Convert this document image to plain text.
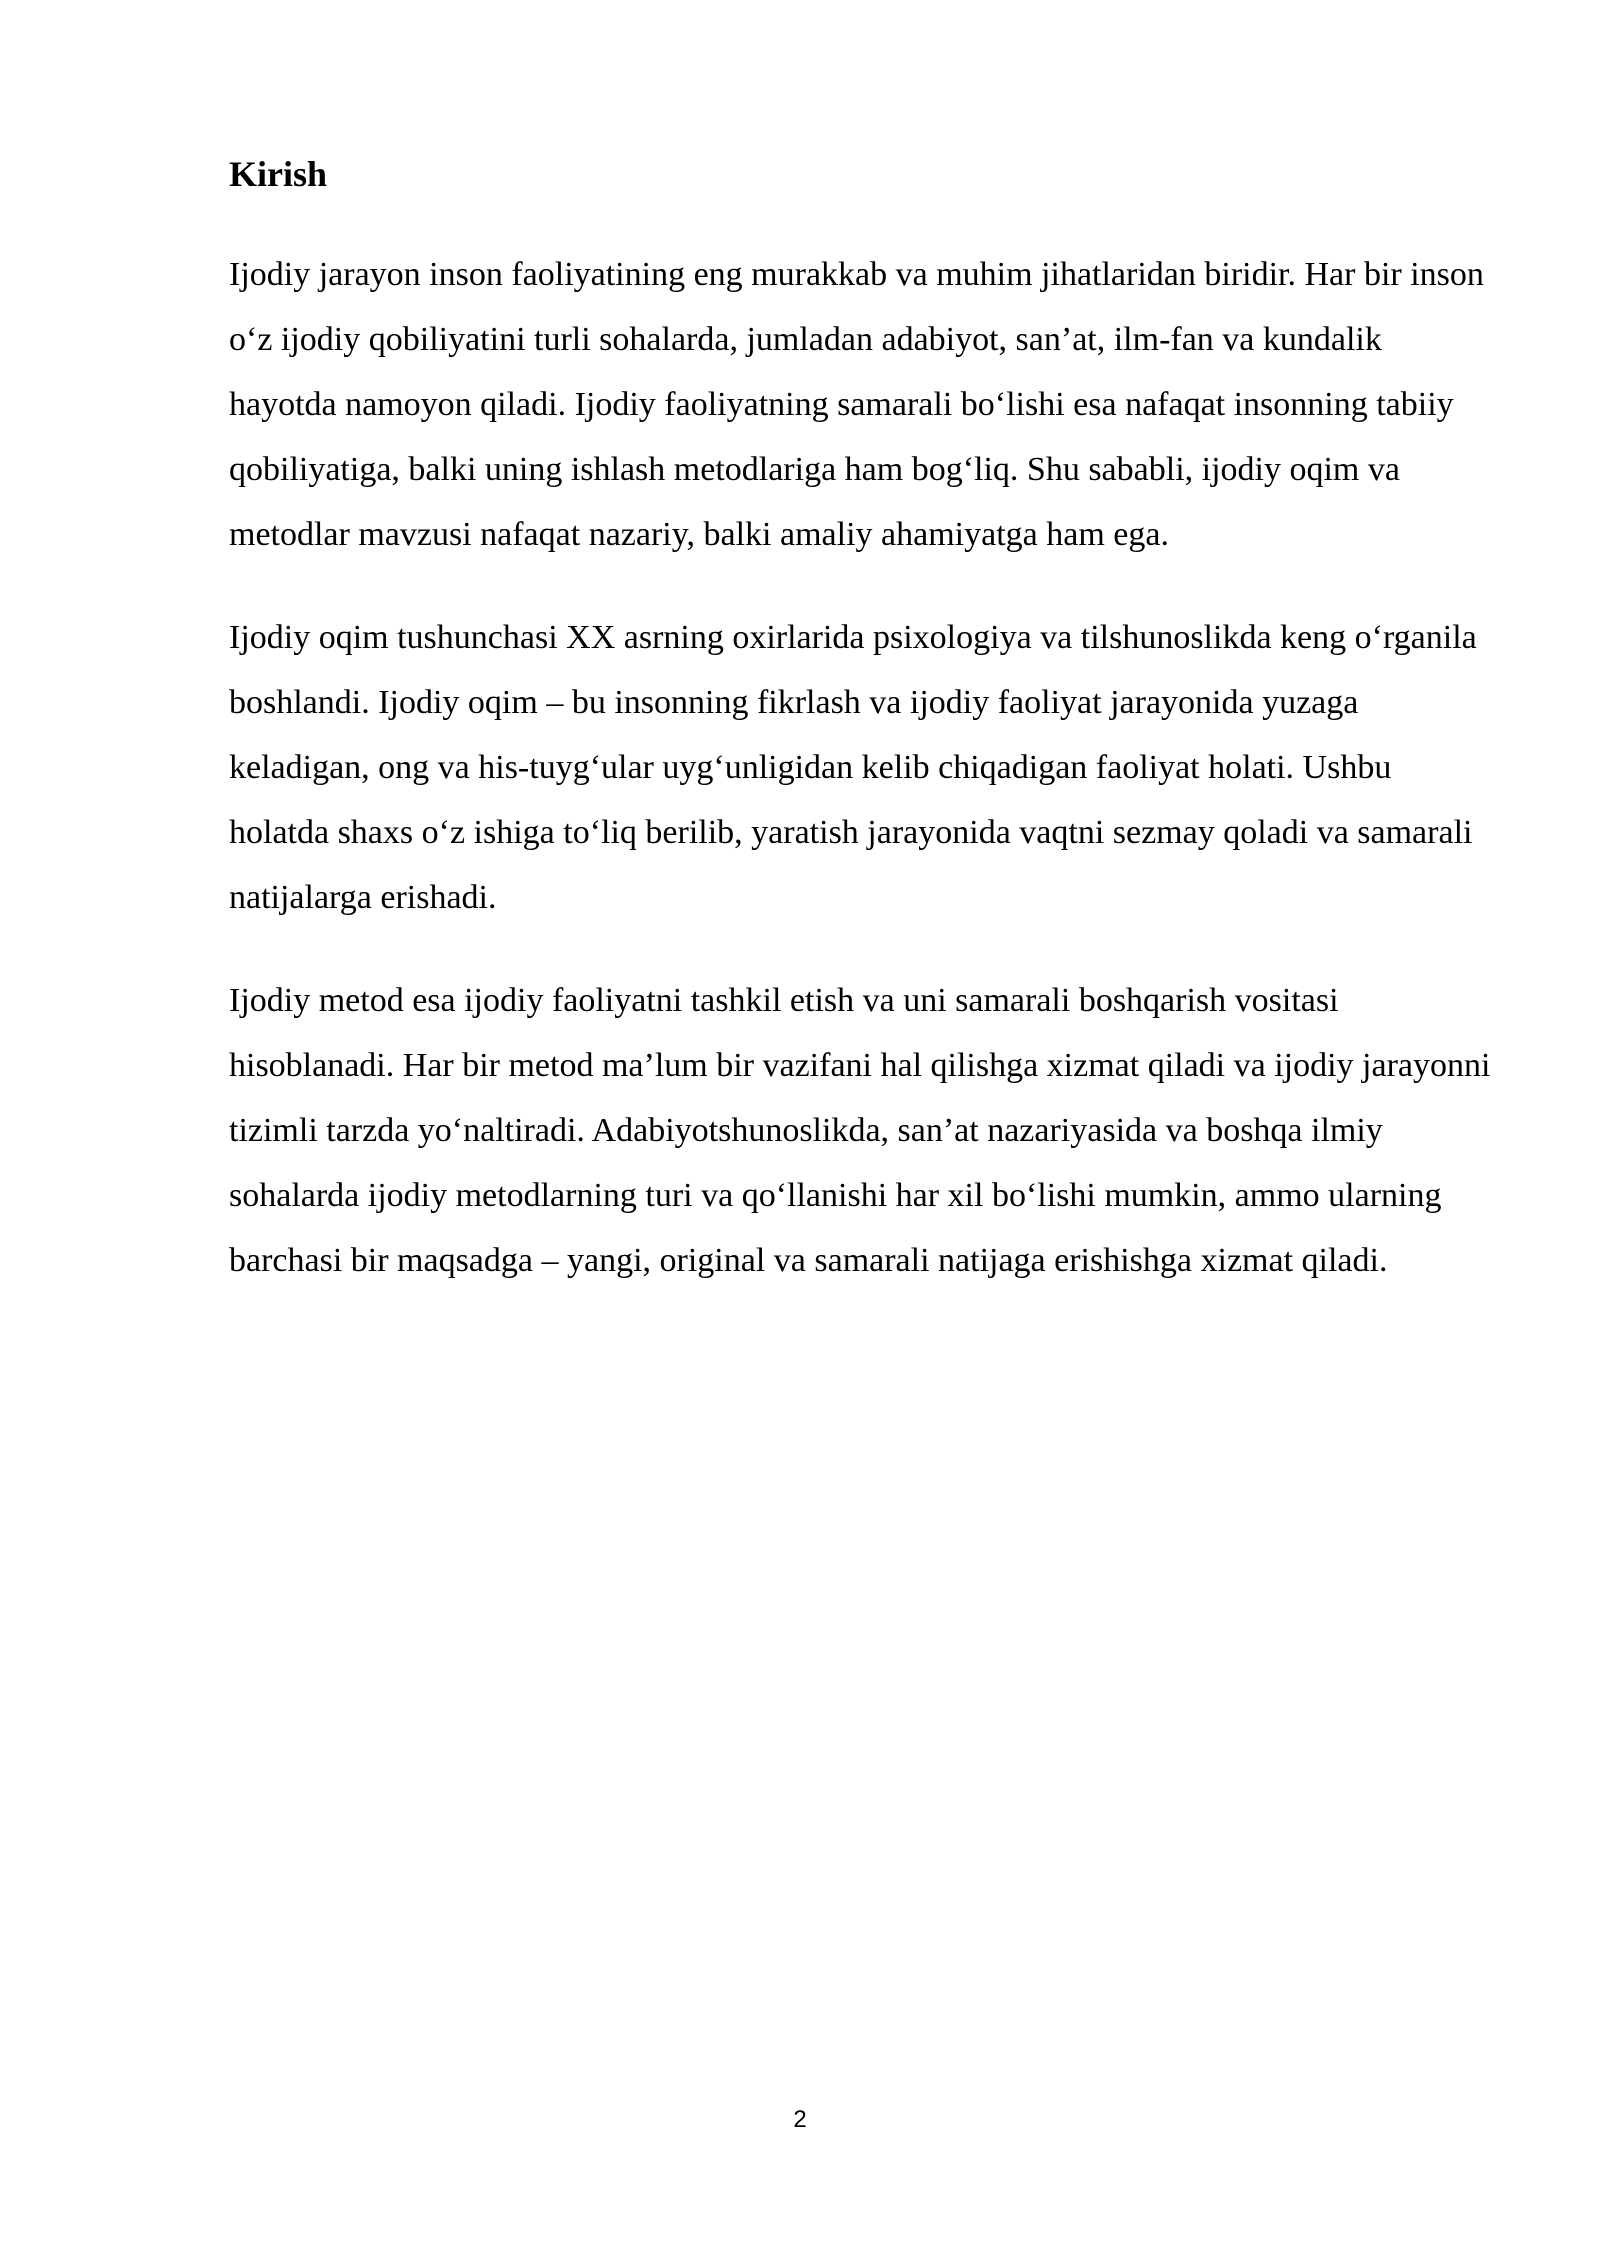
Kirish

Ijodiy jarayon inson faoliyatining eng murakkab va muhim jihatlaridan biridir. Har bir inson o‘z ijodiy qobiliyatini turli sohalarda, jumladan adabiyot, san’at, ilm-fan va kundalik hayotda namoyon qiladi. Ijodiy faoliyatning samarali bo‘lishi esa nafaqat insonning tabiiy qobiliyatiga, balki uning ishlash metodlariga ham bog‘liq. Shu sababli, ijodiy oqim va metodlar mavzusi nafaqat nazariy, balki amaliy ahamiyatga ham ega.

Ijodiy oqim tushunchasi XX asrning oxirlarida psixologiya va tilshunoslikda keng o‘rganila boshlandi. Ijodiy oqim – bu insonning fikrlash va ijodiy faoliyat jarayonida yuzaga keladigan, ong va his-tuyg‘ular uyg‘unligidan kelib chiqadigan faoliyat holati. Ushbu holatda shaxs o‘z ishiga to‘liq berilib, yaratish jarayonida vaqtni sezmay qoladi va samarali natijalarga erishadi.

Ijodiy metod esa ijodiy faoliyatni tashkil etish va uni samarali boshqarish vositasi hisoblanadi. Har bir metod ma’lum bir vazifani hal qilishga xizmat qiladi va ijodiy jarayonni tizimli tarzda yo‘naltiradi. Adabiyotshunoslikda, san’at nazariyasida va boshqa ilmiy sohalarda ijodiy metodlarning turi va qo‘llanishi har xil bo‘lishi mumkin, ammo ularning barchasi bir maqsadga – yangi, original va samarali natijaga erishishga xizmat qiladi.

2
